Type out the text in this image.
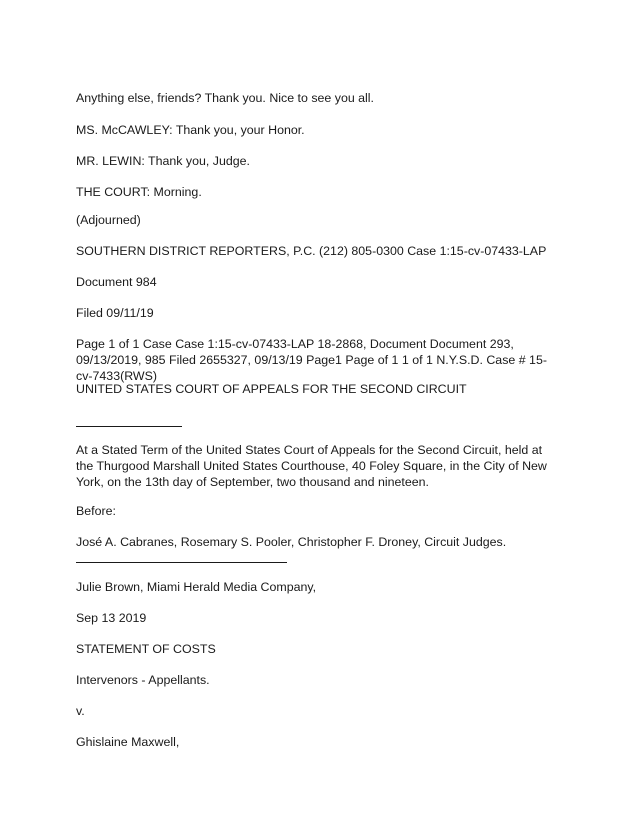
Anything else, friends? Thank you. Nice to see you all.

MS. McCAWLEY: Thank you, your Honor.

MR. LEWIN: Thank you, Judge.

THE COURT: Morning.

(Adjourned)

SOUTHERN DISTRICT REPORTERS, P.C. (212) 805-0300 Case 1:15-cv-07433-LAP

Document 984

Filed 09/11/19

Page 1 of 1 Case Case 1:15-cv-07433-LAP 18-2868, Document Document 293, 09/13/2019, 985 Filed 2655327, 09/13/19 Page1 Page of 1 1 of 1 N.Y.S.D. Case # 15-cv-7433(RWS)

UNITED STATES COURT OF APPEALS FOR THE SECOND CIRCUIT

At a Stated Term of the United States Court of Appeals for the Second Circuit, held at the Thurgood Marshall United States Courthouse, 40 Foley Square, in the City of New York, on the 13th day of September, two thousand and nineteen.

Before:

José A. Cabranes, Rosemary S. Pooler, Christopher F. Droney, Circuit Judges.

Julie Brown, Miami Herald Media Company,

Sep 13 2019

STATEMENT OF COSTS

Intervenors - Appellants.

v.

Ghislaine Maxwell,
